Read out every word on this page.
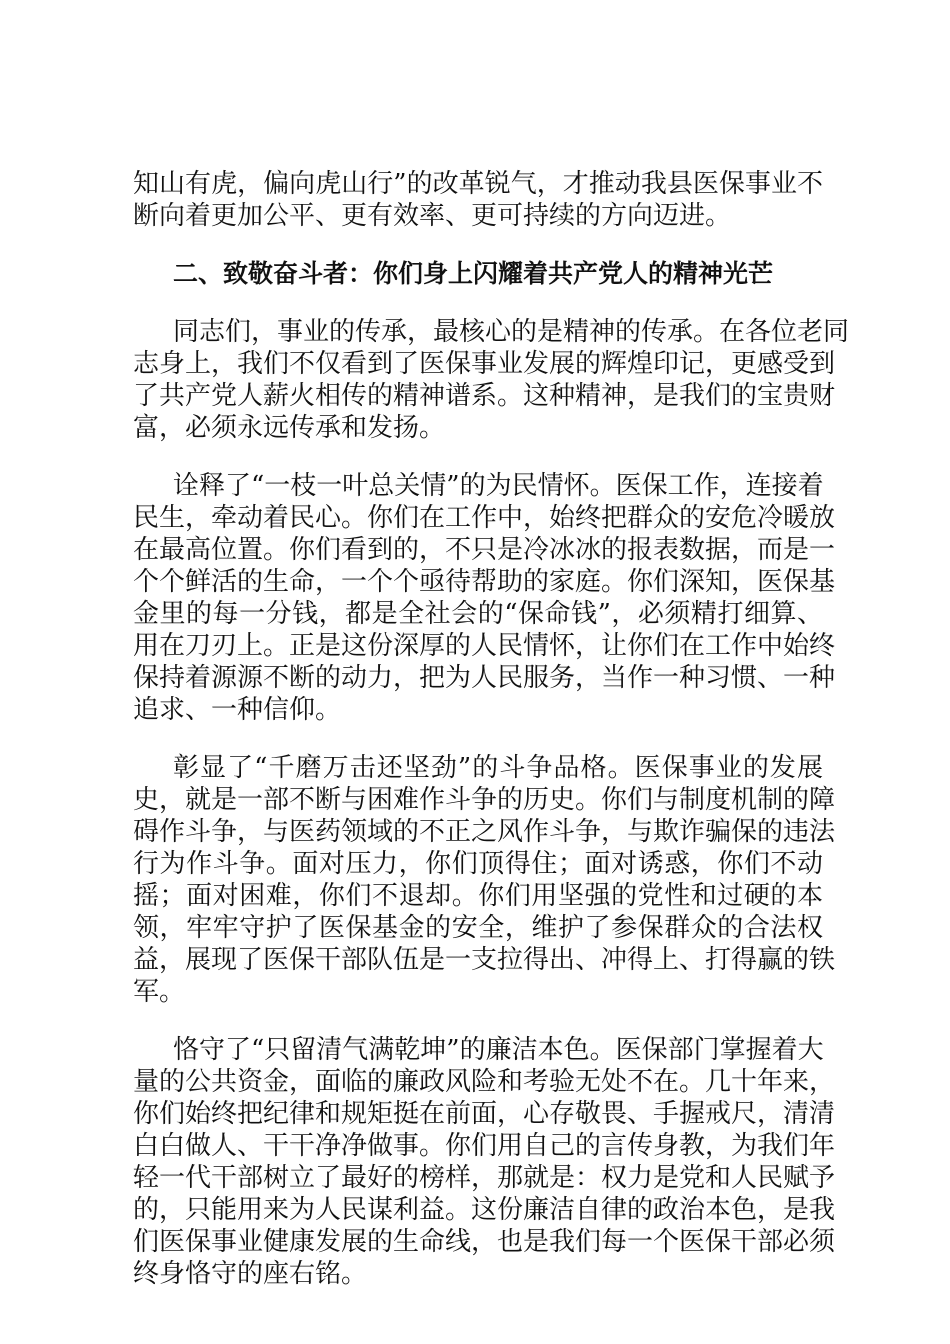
知山有虎，偏向虎山行”的改革锐气，才推动我县医保事业不
断向着更加公平、更有效率、更可持续的方向迈进。
二、致敬奋斗者：你们身上闪耀着共产党人的精神光芒
同志们，事业的传承，最核心的是精神的传承。在各位老同
志身上，我们不仅看到了医保事业发展的辉煌印记，更感受到
了共产党人薪火相传的精神谱系。这种精神，是我们的宝贵财
富，必须永远传承和发扬。
诠释了“一枝一叶总关情”的为民情怀。医保工作，连接着
民生，牵动着民心。你们在工作中，始终把群众的安危冷暖放
在最高位置。你们看到的，不只是冷冰冰的报表数据，而是一
个个鲜活的生命，一个个亟待帮助的家庭。你们深知，医保基
金里的每一分钱，都是全社会的“保命钱”，必须精打细算、
用在刀刃上。正是这份深厚的人民情怀，让你们在工作中始终
保持着源源不断的动力，把为人民服务，当作一种习惯、一种
追求、一种信仰。
彰显了“千磨万击还坚劲”的斗争品格。医保事业的发展
史，就是一部不断与困难作斗争的历史。你们与制度机制的障
碍作斗争，与医药领域的不正之风作斗争，与欺诈骗保的违法
行为作斗争。面对压力，你们顶得住；面对诱惑，你们不动
摇；面对困难，你们不退却。你们用坚强的党性和过硬的本
领，牢牢守护了医保基金的安全，维护了参保群众的合法权
益，展现了医保干部队伍是一支拉得出、冲得上、打得赢的铁
军。
恪守了“只留清气满乾坤”的廉洁本色。医保部门掌握着大
量的公共资金，面临的廉政风险和考验无处不在。几十年来，
你们始终把纪律和规矩挺在前面，心存敬畏、手握戒尺，清清
白白做人、干干净净做事。你们用自己的言传身教，为我们年
轻一代干部树立了最好的榜样，那就是：权力是党和人民赋予
的，只能用来为人民谋利益。这份廉洁自律的政治本色，是我
们医保事业健康发展的生命线，也是我们每一个医保干部必须
终身恪守的座右铭。
